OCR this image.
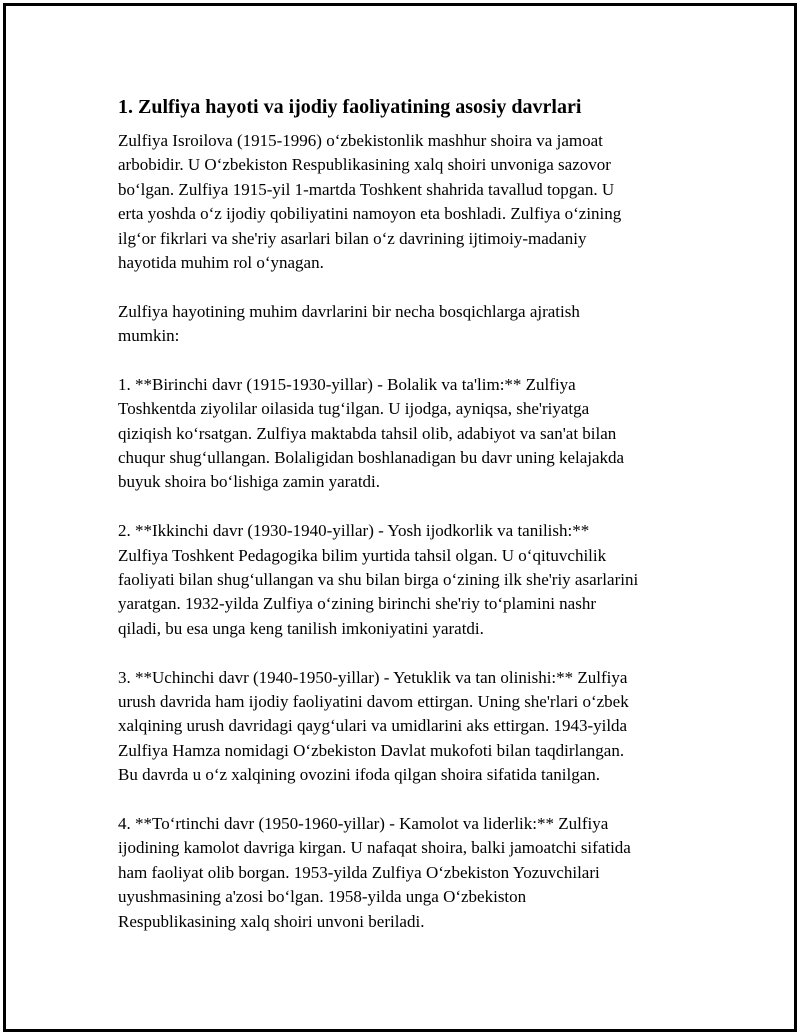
1. Zulfiya hayoti va ijodiy faoliyatining asosiy davrlari

Zulfiya Isroilova (1915-1996) o‘zbekistonlik mashhur shoira va jamoat
arbobidir. U O‘zbekiston Respublikasining xalq shoiri unvoniga sazovor
bo‘lgan. Zulfiya 1915-yil 1-martda Toshkent shahrida tavallud topgan. U
erta yoshda o‘z ijodiy qobiliyatini namoyon eta boshladi. Zulfiya o‘zining
ilg‘or fikrlari va she'riy asarlari bilan o‘z davrining ijtimoiy-madaniy
hayotida muhim rol o‘ynagan.

Zulfiya hayotining muhim davrlarini bir necha bosqichlarga ajratish
mumkin:

1. **Birinchi davr (1915-1930-yillar) - Bolalik va ta'lim:** Zulfiya
Toshkentda ziyolilar oilasida tug‘ilgan. U ijodga, ayniqsa, she'riyatga
qiziqish ko‘rsatgan. Zulfiya maktabda tahsil olib, adabiyot va san'at bilan
chuqur shug‘ullangan. Bolaligidan boshlanadigan bu davr uning kelajakda
buyuk shoira bo‘lishiga zamin yaratdi.

2. **Ikkinchi davr (1930-1940-yillar) - Yosh ijodkorlik va tanilish:**
Zulfiya Toshkent Pedagogika bilim yurtida tahsil olgan. U o‘qituvchilik
faoliyati bilan shug‘ullangan va shu bilan birga o‘zining ilk she'riy asarlarini
yaratgan. 1932-yilda Zulfiya o‘zining birinchi she'riy to‘plamini nashr
qiladi, bu esa unga keng tanilish imkoniyatini yaratdi.

3. **Uchinchi davr (1940-1950-yillar) - Yetuklik va tan olinishi:** Zulfiya
urush davrida ham ijodiy faoliyatini davom ettirgan. Uning she'rlari o‘zbek
xalqining urush davridagi qayg‘ulari va umidlarini aks ettirgan. 1943-yilda
Zulfiya Hamza nomidagi O‘zbekiston Davlat mukofoti bilan taqdirlangan.
Bu davrda u o‘z xalqining ovozini ifoda qilgan shoira sifatida tanilgan.

4. **To‘rtinchi davr (1950-1960-yillar) - Kamolot va liderlik:** Zulfiya
ijodining kamolot davriga kirgan. U nafaqat shoira, balki jamoatchi sifatida
ham faoliyat olib borgan. 1953-yilda Zulfiya O‘zbekiston Yozuvchilari
uyushmasining a'zosi bo‘lgan. 1958-yilda unga O‘zbekiston
Respublikasining xalq shoiri unvoni beriladi.
